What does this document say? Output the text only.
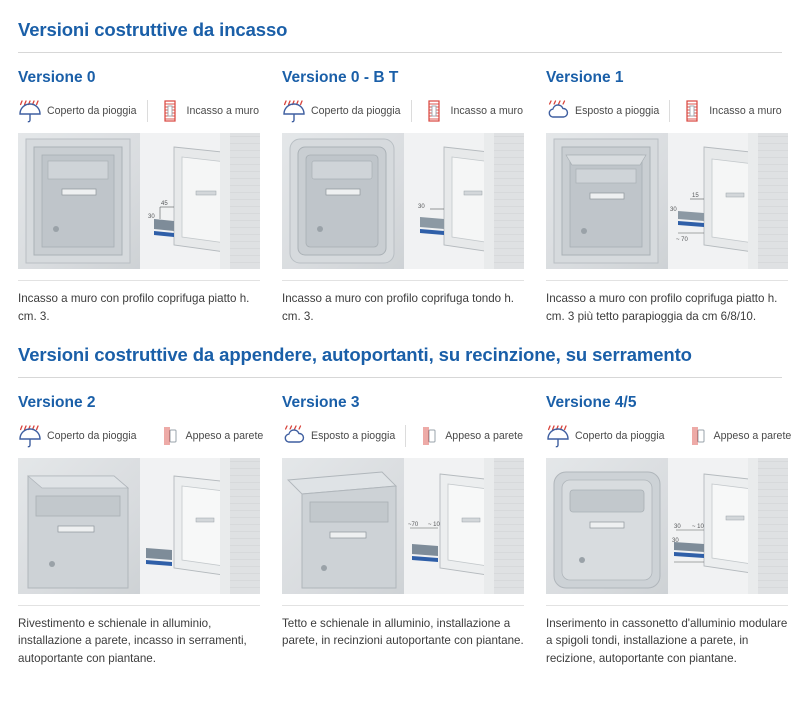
Versioni costruttive da incasso
Versione 0
Coperto da pioggia	Incasso a muro
45
30
Incasso a muro con profilo coprifuga piatto h. cm. 3.
Versione 0 - B T
Coperto da pioggia	Incasso a muro
30
Incasso a muro con profilo coprifuga tondo h. cm. 3.
Versione 1
Esposto a pioggia	Incasso a muro
15
30
~ 70
Incasso a muro con profilo coprifuga piatto h. cm. 3 più tetto parapioggia da cm 6/8/10.
Versioni costruttive da appendere, autoportanti, su recinzione, su serramento
Versione 2
Coperto da pioggia	Appeso a parete
Rivestimento e schienale in alluminio, installazione a parete, incasso in serramenti, autoportante con piantane.
Versione 3
Esposto a pioggia	Appeso a parete
~70 ~ 10
Tetto e schienale in alluminio, installazione a parete, in recinzioni autoportante con piantane.
Versione 4/5
Coperto da pioggia	Appeso a parete
30 ~ 10
30
Inserimento in cassonetto d'alluminio modulare a spigoli tondi, installazione a parete, in recizione, autoportante con piantane.
